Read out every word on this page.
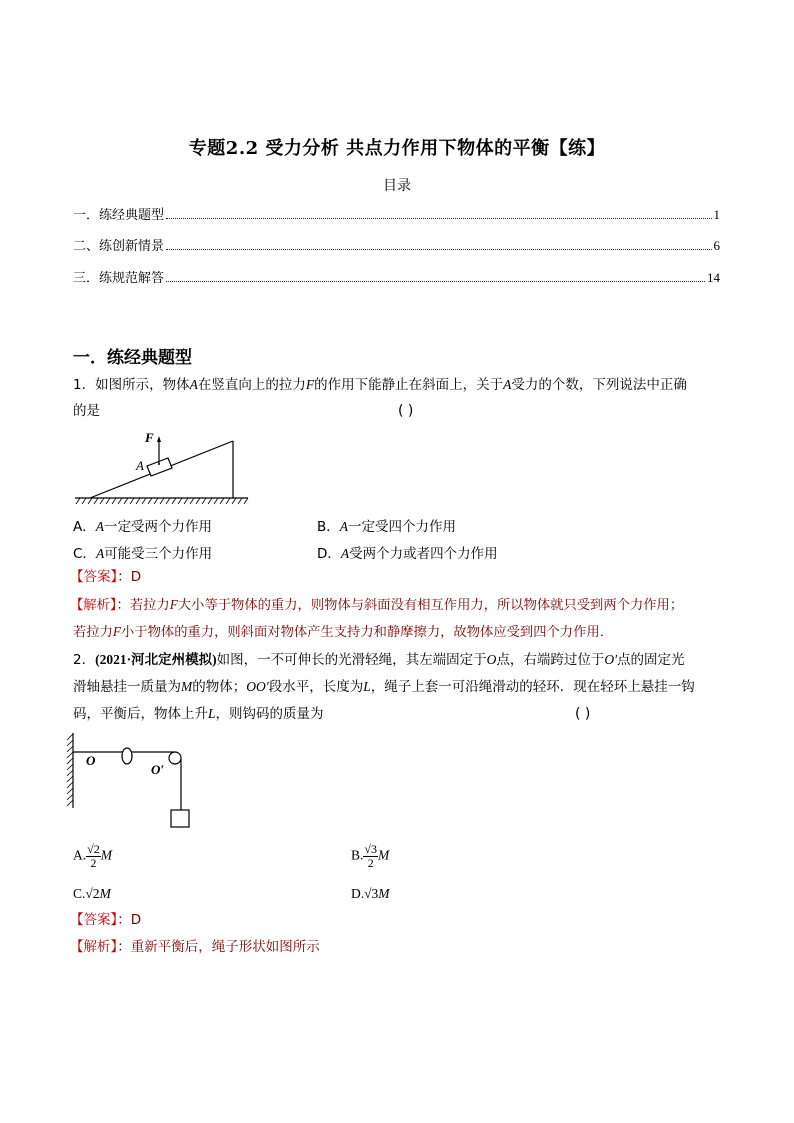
专题2.2 受力分析 共点力作用下物体的平衡【练】
目录
一．练经典题型	1
二、练创新情景	6
三．练规范解答	14
一．练经典题型
1．如图所示，物体A在竖直向上的拉力F的作用下能静止在斜面上，关于A受力的个数，下列说法中正确
的是	( )
F
A
A．A一定受两个力作用	B．A一定受四个力作用
C．A可能受三个力作用	D．A受两个力或者四个力作用
【答案】：D
【解析】：若拉力F大小等于物体的重力，则物体与斜面没有相互作用力，所以物体就只受到两个力作用；
若拉力F小于物体的重力，则斜面对物体产生支持力和静摩擦力，故物体应受到四个力作用．
2．(2021·河北定州模拟)如图，一不可伸长的光滑轻绳，其左端固定于O点，右端跨过位于O′点的固定光
滑轴悬挂一质量为M的物体；OO′段水平，长度为L，绳子上套一可沿绳滑动的轻环．现在轻环上悬挂一钩
码，平衡后，物体上升L，则钩码的质量为	( )
O
O′
A. $\frac{√2}{2}$ M	B. $\frac{√3}{2}$ M
C.√2M	D.√3M
【答案】：D
【解析】：重新平衡后，绳子形状如图所示
